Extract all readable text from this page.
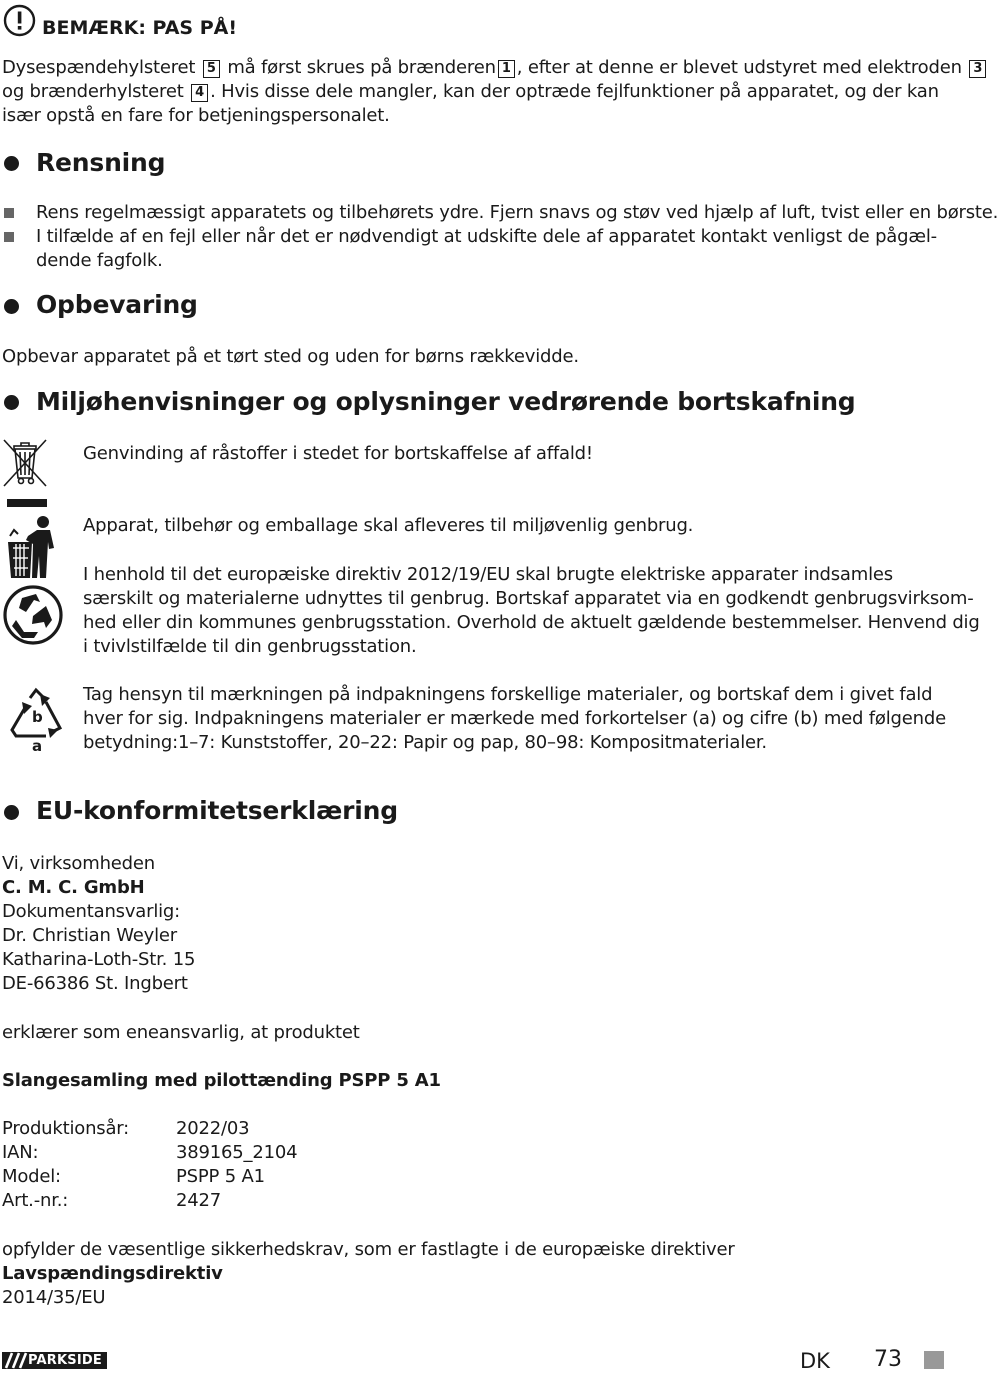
BEMÆRK: PAS PÅ!
Dysespændehylsteret 5 må først skrues på brænderen 1 , efter at denne er blevet udstyret med elektroden 3
og brænderhylsteret 4 . Hvis disse dele mangler, kan der optræde fejlfunktioner på apparatet, og der kan
især opstå en fare for betjeningspersonalet.
Rensning
Rens regelmæssigt apparatets og tilbehørets ydre. Fjern snavs og støv ved hjælp af luft, tvist eller en børste.
I tilfælde af en fejl eller når det er nødvendigt at udskifte dele af apparatet kontakt venligst de pågæl-
dende fagfolk.
Opbevaring
Opbevar apparatet på et tørt sted og uden for børns rækkevidde.
Miljøhenvisninger og oplysninger vedrørende bortskafning
Genvinding af råstoffer i stedet for bortskaffelse af affald!
Apparat, tilbehør og emballage skal afleveres til miljøvenlig genbrug.
I henhold til det europæiske direktiv 2012/19/EU skal brugte elektriske apparater indsamles
særskilt og materialerne udnyttes til genbrug. Bortskaf apparatet via en godkendt genbrugsvirksom-
hed eller din kommunes genbrugsstation. Overhold de aktuelt gældende bestemmelser. Henvend dig
i tvivlstilfælde til din genbrugsstation.
b
a
Tag hensyn til mærkningen på indpakningens forskellige materialer, og bortskaf dem i givet fald
hver for sig. Indpakningens materialer er mærkede med forkortelser (a) og cifre (b) med følgende
betydning:1–7: Kunststoffer, 20–22: Papir og pap, 80–98: Kompositmaterialer.
EU-konformitetserklæring
Vi, virksomheden
C. M. C. GmbH
Dokumentansvarlig:
Dr. Christian Weyler
Katharina-Loth-Str. 15
DE-66386 St. Ingbert
erklærer som eneansvarlig, at produktet
Slangesamling med pilottænding PSPP 5 A1
Produktionsår:	2022/03
IAN:	389165_2104
Model:	PSPP 5 A1
Art.-nr.:	2427
opfylder de væsentlige sikkerhedskrav, som er fastlagte i de europæiske direktiver
Lavspændingsdirektiv
2014/35/EU
PARKSIDE	DK 73
